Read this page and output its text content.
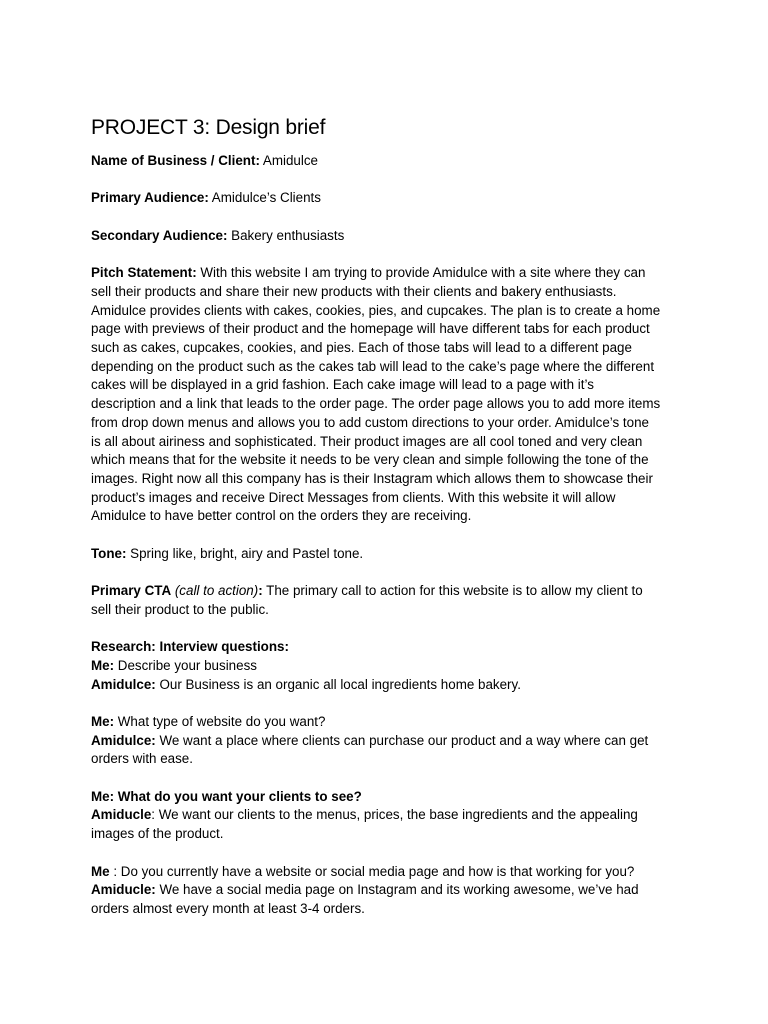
PROJECT 3: Design brief

Name of Business / Client: Amidulce

Primary Audience: Amidulce’s Clients

Secondary Audience: Bakery enthusiasts

Pitch Statement: With this website I am trying to provide Amidulce with a site where they can

sell their products and share their new products with their clients and bakery enthusiasts.

Amidulce provides clients with cakes, cookies, pies, and cupcakes. The plan is to create a home

page with previews of their product and the homepage will have different tabs for each product

such as cakes, cupcakes, cookies, and pies. Each of those tabs will lead to a different page

depending on the product such as the cakes tab will lead to the cake’s page where the different

cakes will be displayed in a grid fashion. Each cake image will lead to a page with it’s

description and a link that leads to the order page. The order page allows you to add more items

from drop down menus and allows you to add custom directions to your order. Amidulce’s tone

is all about airiness and sophisticated. Their product images are all cool toned and very clean

which means that for the website it needs to be very clean and simple following the tone of the

images. Right now all this company has is their Instagram which allows them to showcase their

product’s images and receive Direct Messages from clients. With this website it will allow

Amidulce to have better control on the orders they are receiving.

Tone: Spring like, bright, airy and Pastel tone.

Primary CTA (call to action): The primary call to action for this website is to allow my client to

sell their product to the public.

Research: Interview questions:

Me: Describe your business

Amidulce: Our Business is an organic all local ingredients home bakery.

Me: What type of website do you want?

Amidulce: We want a place where clients can purchase our product and a way where can get

orders with ease.

Me: What do you want your clients to see?

Amiducle: We want our clients to the menus, prices, the base ingredients and the appealing

images of the product.

Me : Do you currently have a website or social media page and how is that working for you?

Amiducle: We have a social media page on Instagram and its working awesome, we’ve had

orders almost every month at least 3-4 orders.
